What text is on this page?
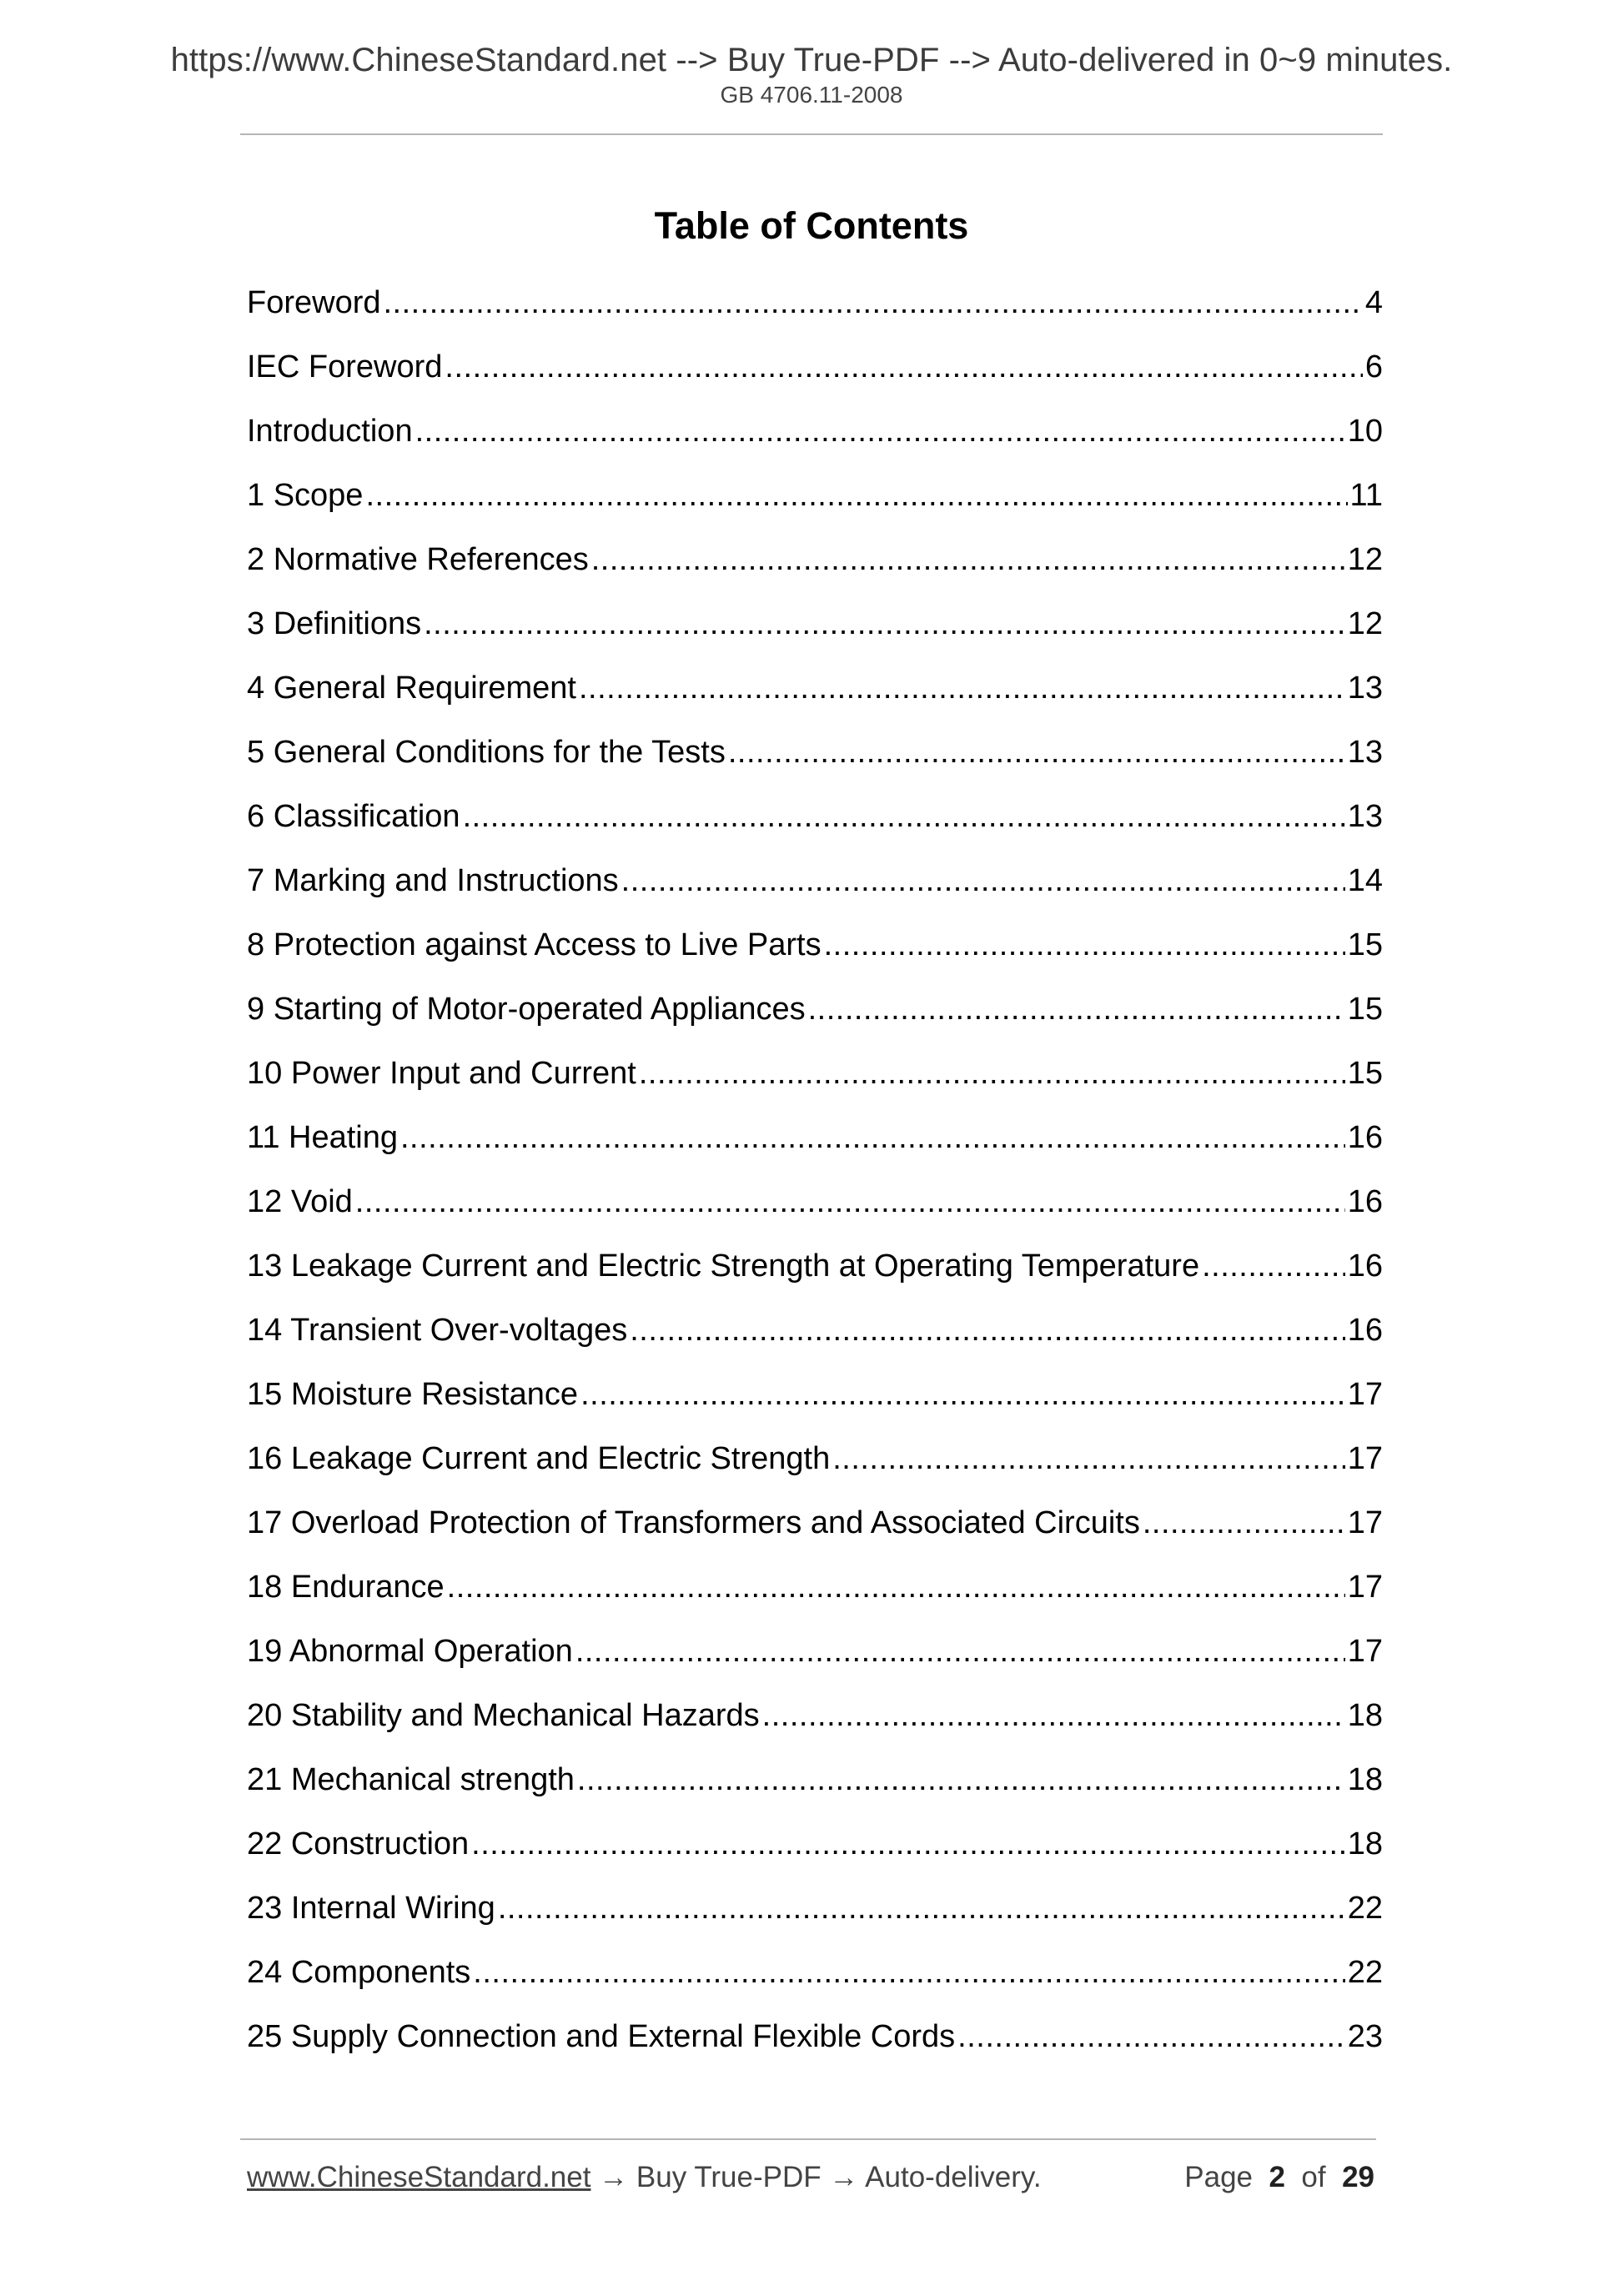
https://www.ChineseStandard.net --> Buy True-PDF --> Auto-delivered in 0~9 minutes.
GB 4706.11-2008
Table of Contents
Foreword .....	4
IEC Foreword .....	6
Introduction .....	10
1 Scope .....	11
2 Normative References .....	12
3 Definitions .....	12
4 General Requirement .....	13
5 General Conditions for the Tests .....	13
6 Classification .....	13
7 Marking and Instructions .....	14
8 Protection against Access to Live Parts .....	15
9 Starting of Motor-operated Appliances .....	15
10 Power Input and Current .....	15
11 Heating .....	16
12 Void .....	16
13 Leakage Current and Electric Strength at Operating Temperature .....	16
14 Transient Over-voltages .....	16
15 Moisture Resistance .....	17
16 Leakage Current and Electric Strength .....	17
17 Overload Protection of Transformers and Associated Circuits .....	17
18 Endurance .....	17
19 Abnormal Operation .....	17
20 Stability and Mechanical Hazards .....	18
21 Mechanical strength .....	18
22 Construction .....	18
23 Internal Wiring .....	22
24 Components .....	22
25 Supply Connection and External Flexible Cords .....	23
www.ChineseStandard.net → Buy True-PDF → Auto-delivery.	Page 2 of 29
